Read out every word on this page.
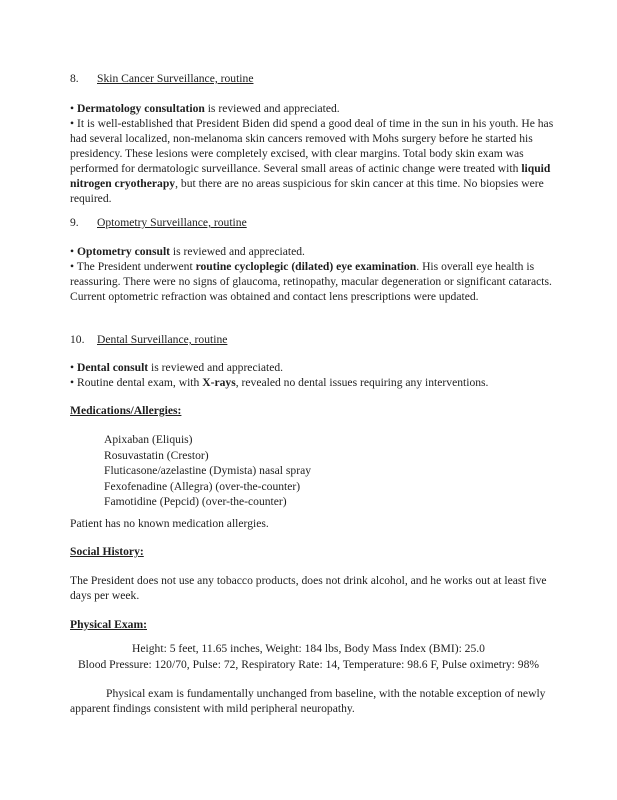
8. Skin Cancer Surveillance, routine

• Dermatology consultation is reviewed and appreciated.

• It is well-established that President Biden did spend a good deal of time in the sun in his youth. He has had several localized, non-melanoma skin cancers removed with Mohs surgery before he started his presidency. These lesions were completely excised, with clear margins. Total body skin exam was performed for dermatologic surveillance. Several small areas of actinic change were treated with liquid nitrogen cryotherapy, but there are no areas suspicious for skin cancer at this time. No biopsies were required.

9. Optometry Surveillance, routine

• Optometry consult is reviewed and appreciated.

• The President underwent routine cycloplegic (dilated) eye examination. His overall eye health is reassuring. There were no signs of glaucoma, retinopathy, macular degeneration or significant cataracts. Current optometric refraction was obtained and contact lens prescriptions were updated.

10. Dental Surveillance, routine

• Dental consult is reviewed and appreciated.

• Routine dental exam, with X-rays, revealed no dental issues requiring any interventions.

Medications/Allergies:
Apixaban (Eliquis)
Rosuvastatin (Crestor)
Fluticasone/azelastine (Dymista) nasal spray
Fexofenadine (Allegra) (over-the-counter)
Famotidine (Pepcid) (over-the-counter)
Patient has no known medication allergies.
Social History:
The President does not use any tobacco products, does not drink alcohol, and he works out at least five days per week.
Physical Exam:
Height: 5 feet, 11.65 inches, Weight: 184 lbs, Body Mass Index (BMI): 25.0
Blood Pressure: 120/70, Pulse: 72, Respiratory Rate: 14, Temperature: 98.6 F, Pulse oximetry: 98%
Physical exam is fundamentally unchanged from baseline, with the notable exception of newly apparent findings consistent with mild peripheral neuropathy.
